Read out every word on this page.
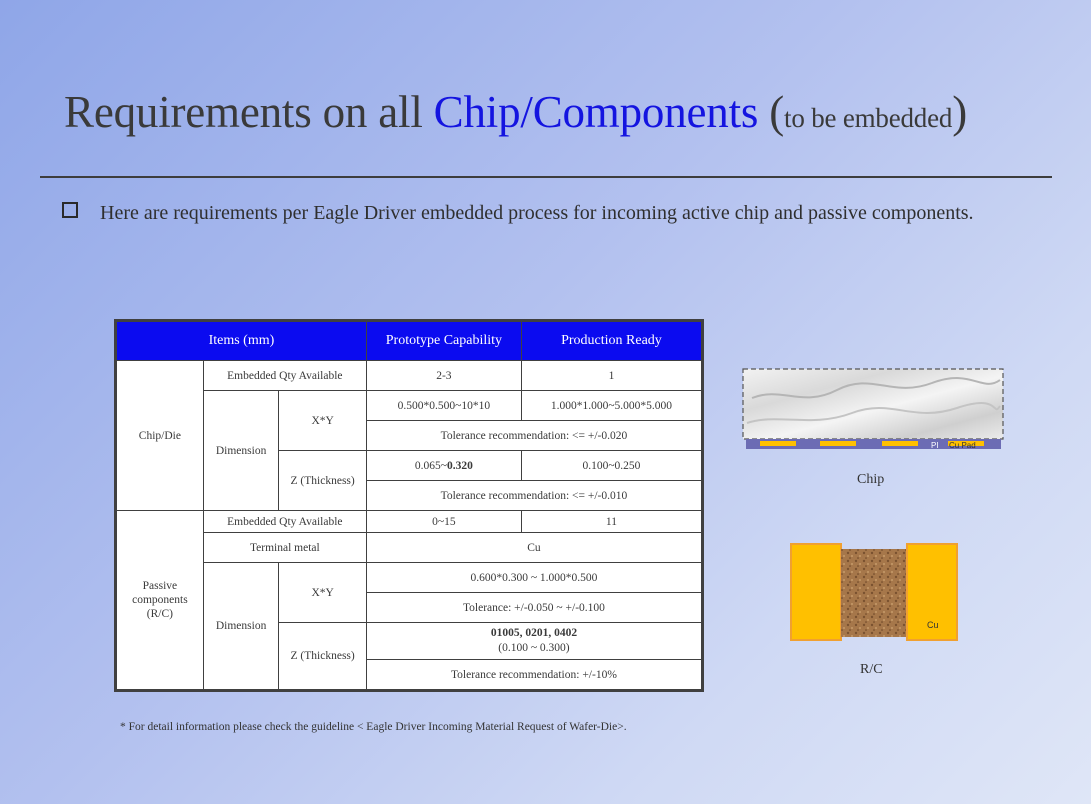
Requirements on all Chip/Components (to be embedded)
Here are requirements per Eagle Driver embedded process for incoming active chip and passive components.
Items (mm)			Prototype Capability	Production Ready
Chip/Die	Embedded Qty Available		2-3	1
	Dimension	X*Y	0.500*0.500~10*10	1.000*1.000~5.000*5.000
			Tolerance recommendation: <= +/-0.020	
		Z (Thickness)	0.065~0.320	0.100~0.250
			Tolerance recommendation: <= +/-0.010	

Passive components (R/C)	Embedded Qty Available		0~15	11
	Terminal metal		Cu	
	Dimension	X*Y	0.600*0.300 ~ 1.000*0.500	
			Tolerance: +/-0.050 ~ +/-0.100	
		Z (Thickness)	01005, 0201, 0402
(0.100 ~ 0.300)	
			Tolerance recommendation: +/-10%	
PI Cu Pad
Chip
Cu
R/C
* For detail information please check the guideline < Eagle Driver Incoming Material Request of Wafer-Die>.
